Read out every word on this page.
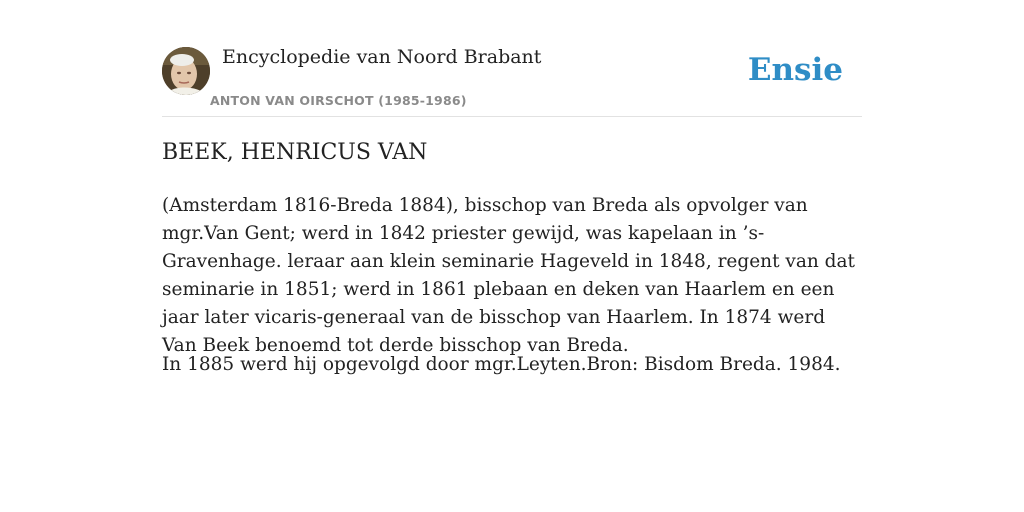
Encyclopedie van Noord Brabant
ANTON VAN OIRSCHOT (1985-1986)
Ensie
BEEK, HENRICUS VAN

(Amsterdam 1816-Breda 1884), bisschop van Breda als opvolger van mgr.Van Gent; werd in 1842 priester gewijd, was kapelaan in ’s-Gravenhage. leraar aan klein seminarie Hageveld in 1848, regent van dat seminarie in 1851; werd in 1861 plebaan en deken van Haarlem en een jaar later vicaris-generaal van de bisschop van Haarlem. In 1874 werd Van Beek benoemd tot derde bisschop van Breda.

In 1885 werd hij opgevolgd door mgr.Leyten.Bron: Bisdom Breda. 1984.
